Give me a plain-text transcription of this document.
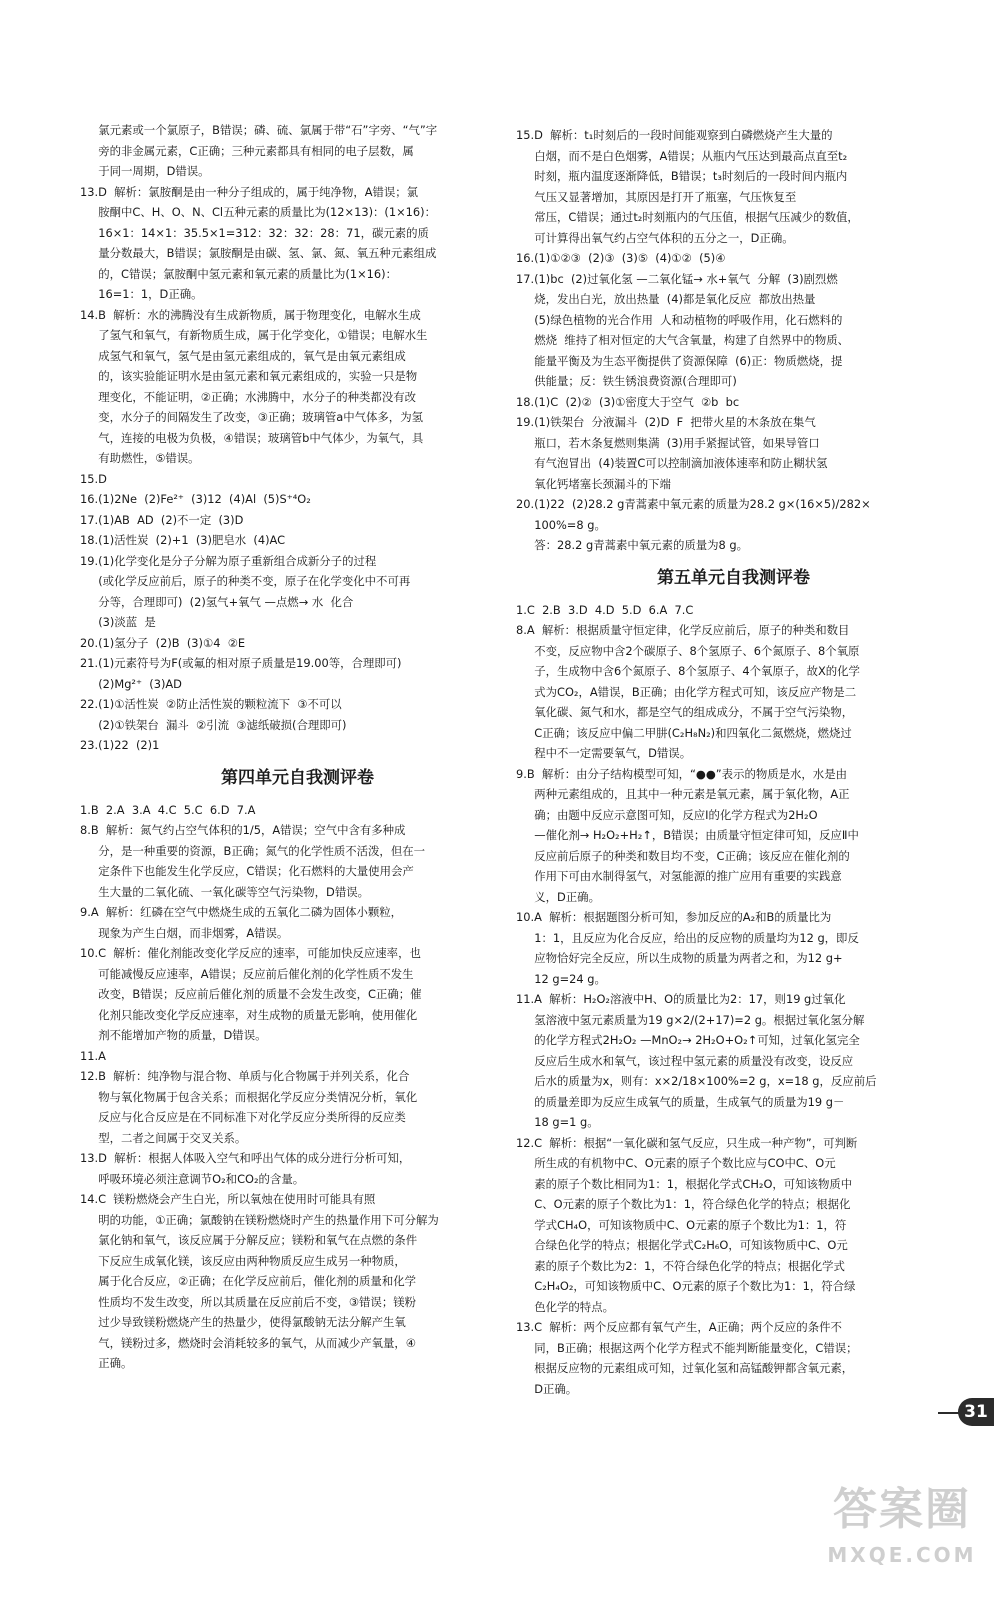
氯元素或一个氯原子，B错误；磷、硫、氯属于带“石”字旁、“气”字
旁的非金属元素，C正确；三种元素都具有相同的电子层数，属
于同一周期，D错误。
13.D  解析：氯胺酮是由一种分子组成的，属于纯净物，A错误；氯
胺酮中C、H、O、N、Cl五种元素的质量比为(12×13)：(1×16)：
16×1：14×1：35.5×1=312：32：32：28：71，碳元素的质
量分数最大，B错误；氯胺酮是由碳、氢、氯、氮、氧五种元素组成
的，C错误；氯胺酮中氢元素和氧元素的质量比为(1×16)：
16=1：1，D正确。
14.B  解析：水的沸腾没有生成新物质，属于物理变化，电解水生成
了氢气和氧气，有新物质生成，属于化学变化，①错误；电解水生
成氢气和氧气，氢气是由氢元素组成的，氧气是由氧元素组成
的，该实验能证明水是由氢元素和氧元素组成的，实验一只是物
理变化，不能证明，②正确；水沸腾中，水分子的种类都没有改
变，水分子的间隔发生了改变，③正确；玻璃管a中气体多，为氢
气，连接的电极为负极，④错误；玻璃管b中气体少，为氧气，具
有助燃性，⑤错误。
15.D
16.(1)2Ne  (2)Fe²⁺  (3)12  (4)Al  (5)S⁺⁴O₂
17.(1)AB  AD  (2)不一定  (3)D
18.(1)活性炭  (2)+1  (3)肥皂水  (4)AC
19.(1)化学变化是分子分解为原子重新组合成新分子的过程
(或化学反应前后，原子的种类不变，原子在化学变化中不可再
分等，合理即可)  (2)氢气+氧气 —点燃→ 水  化合
(3)淡蓝  是
20.(1)氢分子  (2)B  (3)①4  ②E
21.(1)元素符号为F(或氟的相对原子质量是19.00等，合理即可)
(2)Mg²⁺  (3)AD
22.(1)①活性炭  ②防止活性炭的颗粒流下  ③不可以
(2)①铁架台  漏斗  ②引流  ③滤纸破损(合理即可)
23.(1)22  (2)1
第四单元自我测评卷
1.B  2.A  3.A  4.C  5.C  6.D  7.A
8.B  解析：氮气约占空气体积的1/5，A错误；空气中含有多种成
分，是一种重要的资源，B正确；氮气的化学性质不活泼，但在一
定条件下也能发生化学反应，C错误；化石燃料的大量使用会产
生大量的二氧化硫、一氧化碳等空气污染物，D错误。
9.A  解析：红磷在空气中燃烧生成的五氧化二磷为固体小颗粒，
现象为产生白烟，而非烟雾，A错误。
10.C  解析：催化剂能改变化学反应的速率，可能加快反应速率，也
可能减慢反应速率，A错误；反应前后催化剂的化学性质不发生
改变，B错误；反应前后催化剂的质量不会发生改变，C正确；催
化剂只能改变化学反应速率，对生成物的质量无影响，使用催化
剂不能增加产物的质量，D错误。
11.A
12.B  解析：纯净物与混合物、单质与化合物属于并列关系，化合
物与氧化物属于包含关系；而根据化学反应分类情况分析，氧化
反应与化合反应是在不同标准下对化学反应分类所得的反应类
型，二者之间属于交叉关系。
13.D  解析：根据人体吸入空气和呼出气体的成分进行分析可知，
呼吸环境必须注意调节O₂和CO₂的含量。
14.C  镁粉燃烧会产生白光，所以氧烛在使用时可能具有照
明的功能，①正确；氯酸钠在镁粉燃烧时产生的热量作用下可分解为
氯化钠和氧气，该反应属于分解反应；镁粉和氧气在点燃的条件
下反应生成氧化镁，该反应由两种物质反应生成另一种物质，
属于化合反应，②正确；在化学反应前后，催化剂的质量和化学
性质均不发生改变，所以其质量在反应前后不变，③错误；镁粉
过少导致镁粉燃烧产生的热量少，使得氯酸钠无法分解产生氧
气，镁粉过多，燃烧时会消耗较多的氧气，从而减少产氧量，④
正确。
15.D  解析：t₁时刻后的一段时间能观察到白磷燃烧产生大量的
白烟，而不是白色烟雾，A错误；从瓶内气压达到最高点直至t₂
时刻，瓶内温度逐渐降低，B错误；t₃时刻后的一段时间内瓶内
气压又显著增加，其原因是打开了瓶塞，气压恢复至
常压，C错误；通过t₂时刻瓶内的气压值，根据气压减少的数值，
可计算得出氧气约占空气体积的五分之一，D正确。
16.(1)①②③  (2)③  (3)⑤  (4)①②  (5)④
17.(1)bc  (2)过氧化氢 —二氧化锰→ 水+氧气  分解  (3)剧烈燃
烧，发出白光，放出热量  (4)都是氧化反应  都放出热量
(5)绿色植物的光合作用  人和动植物的呼吸作用，化石燃料的
燃烧  维持了相对恒定的大气含氧量，构建了自然界中的物质、
能量平衡及为生态平衡提供了资源保障  (6)正：物质燃烧，提
供能量；反：铁生锈浪费资源(合理即可)
18.(1)C  (2)②  (3)①密度大于空气  ②b  bc
19.(1)铁架台  分液漏斗  (2)D  F  把带火星的木条放在集气
瓶口，若木条复燃则集满  (3)用手紧握试管，如果导管口
有气泡冒出  (4)装置C可以控制滴加液体速率和防止糊状氢
氧化钙堵塞长颈漏斗的下端
20.(1)22  (2)28.2 g青蒿素中氧元素的质量为28.2 g×(16×5)/282×
100%=8 g。
答：28.2 g青蒿素中氧元素的质量为8 g。
第五单元自我测评卷
1.C  2.B  3.D  4.D  5.D  6.A  7.C
8.A  解析：根据质量守恒定律，化学反应前后，原子的种类和数目
不变，反应物中含2个碳原子、8个氢原子、6个氮原子、8个氧原
子，生成物中含6个氮原子、8个氢原子、4个氧原子，故X的化学
式为CO₂，A错误，B正确；由化学方程式可知，该反应产物是二
氧化碳、氮气和水，都是空气的组成成分，不属于空气污染物，
C正确；该反应中偏二甲肼(C₂H₈N₂)和四氧化二氮燃烧，燃烧过
程中不一定需要氧气，D错误。
9.B  解析：由分子结构模型可知，“●●”表示的物质是水，水是由
两种元素组成的，且其中一种元素是氧元素，属于氧化物，A正
确；由题中反应示意图可知，反应Ⅰ的化学方程式为2H₂O
—催化剂→ H₂O₂+H₂↑，B错误；由质量守恒定律可知，反应Ⅱ中
反应前后原子的种类和数目均不变，C正确；该反应在催化剂的
作用下可由水制得氢气，对氢能源的推广应用有重要的实践意
义，D正确。
10.A  解析：根据题图分析可知，参加反应的A₂和B的质量比为
1：1，且反应为化合反应，给出的反应物的质量均为12 g，即反
应物恰好完全反应，所以生成物的质量为两者之和，为12 g+
12 g=24 g。
11.A  解析：H₂O₂溶液中H、O的质量比为2：17，则19 g过氧化
氢溶液中氢元素质量为19 g×2/(2+17)=2 g。根据过氧化氢分解
的化学方程式2H₂O₂ —MnO₂→ 2H₂O+O₂↑可知，过氧化氢完全
反应后生成水和氧气，该过程中氢元素的质量没有改变，设反应
后水的质量为x，则有：x×2/18×100%=2 g，x=18 g，反应前后
的质量差即为反应生成氧气的质量，生成氧气的质量为19 g－
18 g=1 g。
12.C  解析：根据“一氧化碳和氢气反应，只生成一种产物”，可判断
所生成的有机物中C、O元素的原子个数比应与CO中C、O元
素的原子个数比相同为1：1，根据化学式CH₂O，可知该物质中
C、O元素的原子个数比为1：1，符合绿色化学的特点；根据化
学式CH₄O，可知该物质中C、O元素的原子个数比为1：1，符
合绿色化学的特点；根据化学式C₂H₆O，可知该物质中C、O元
素的原子个数比为2：1，不符合绿色化学的特点；根据化学式
C₂H₄O₂，可知该物质中C、O元素的原子个数比为1：1，符合绿
色化学的特点。
13.C  解析：两个反应都有氧气产生，A正确；两个反应的条件不
同，B正确；根据这两个化学方程式不能判断能量变化，C错误；
根据反应物的元素组成可知，过氧化氢和高锰酸钾都含氧元素，
D正确。
31
答案圈
MXQE.COM
